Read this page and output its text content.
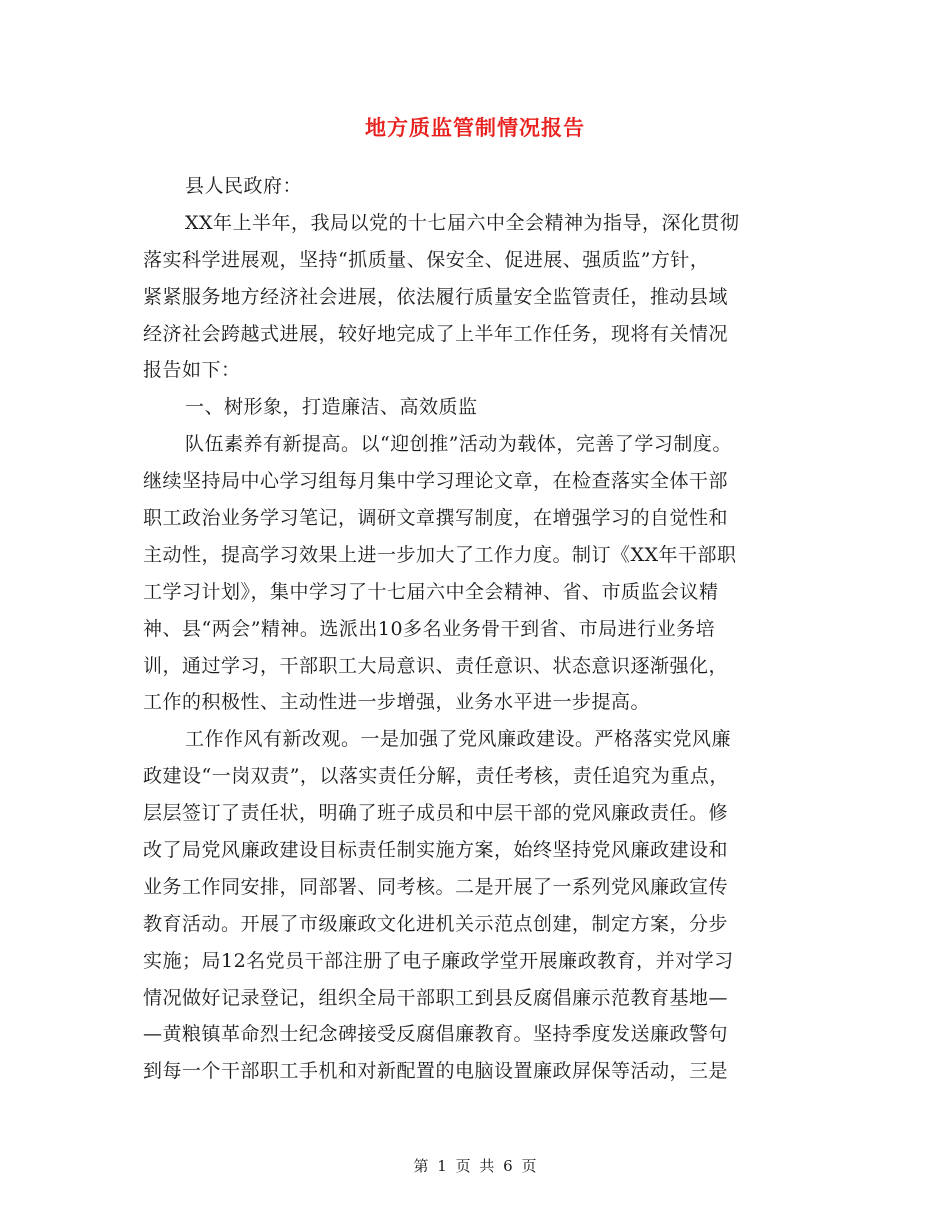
地方质监管制情况报告
县人民政府：
XX年上半年，我局以党的十七届六中全会精神为指导，深化贯彻
落实科学进展观，坚持“抓质量、保安全、促进展、强质监”方针，
紧紧服务地方经济社会进展，依法履行质量安全监管责任，推动县域
经济社会跨越式进展，较好地完成了上半年工作任务，现将有关情况
报告如下：
一、树形象，打造廉洁、高效质监
队伍素养有新提高。以“迎创推”活动为载体，完善了学习制度。
继续坚持局中心学习组每月集中学习理论文章，在检查落实全体干部
职工政治业务学习笔记，调研文章撰写制度，在增强学习的自觉性和
主动性，提高学习效果上进一步加大了工作力度。制订《XX年干部职
工学习计划》，集中学习了十七届六中全会精神、省、市质监会议精
神、县“两会”精神。选派出10多名业务骨干到省、市局进行业务培
训，通过学习，干部职工大局意识、责任意识、状态意识逐渐强化，
工作的积极性、主动性进一步增强，业务水平进一步提高。
工作作风有新改观。一是加强了党风廉政建设。严格落实党风廉
政建设“一岗双责”，以落实责任分解，责任考核，责任追究为重点，
层层签订了责任状，明确了班子成员和中层干部的党风廉政责任。修
改了局党风廉政建设目标责任制实施方案，始终坚持党风廉政建设和
业务工作同安排，同部署、同考核。二是开展了一系列党风廉政宣传
教育活动。开展了市级廉政文化进机关示范点创建，制定方案，分步
实施；局12名党员干部注册了电子廉政学堂开展廉政教育，并对学习
情况做好记录登记，组织全局干部职工到县反腐倡廉示范教育基地—
—黄粮镇革命烈士纪念碑接受反腐倡廉教育。坚持季度发送廉政警句
到每一个干部职工手机和对新配置的电脑设置廉政屏保等活动，三是
第 1 页 共 6 页
